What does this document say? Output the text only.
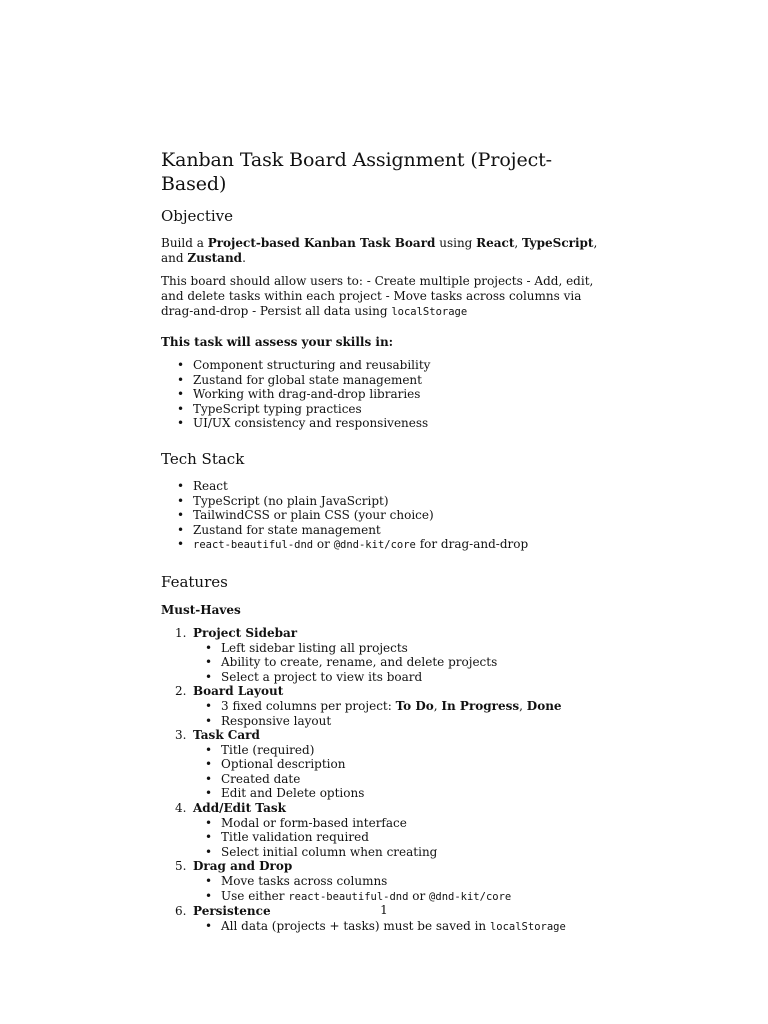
Kanban Task Board Assignment (Project-Based)
Objective

Build a Project-based Kanban Task Board using React, TypeScript, and Zustand.

This board should allow users to: - Create multiple projects - Add, edit, and delete tasks within each project - Move tasks across columns via drag-and-drop - Persist all data using localStorage

This task will assess your skills in:
• Component structuring and reusability
• Zustand for global state management
• Working with drag-and-drop libraries
• TypeScript typing practices
• UI/UX consistency and responsiveness
Tech Stack
• React
• TypeScript (no plain JavaScript)
• TailwindCSS or plain CSS (your choice)
• Zustand for state management
• react-beautiful-dnd or @dnd-kit/core for drag-and-drop
Features
Must-Haves
1. Project Sidebar
• Left sidebar listing all projects
• Ability to create, rename, and delete projects
• Select a project to view its board
2. Board Layout
• 3 fixed columns per project: To Do, In Progress, Done
• Responsive layout
3. Task Card
• Title (required)
• Optional description
• Created date
• Edit and Delete options
4. Add/Edit Task
• Modal or form-based interface
• Title validation required
• Select initial column when creating
5. Drag and Drop
• Move tasks across columns
• Use either react-beautiful-dnd or @dnd-kit/core
6. Persistence
• All data (projects + tasks) must be saved in localStorage
1
